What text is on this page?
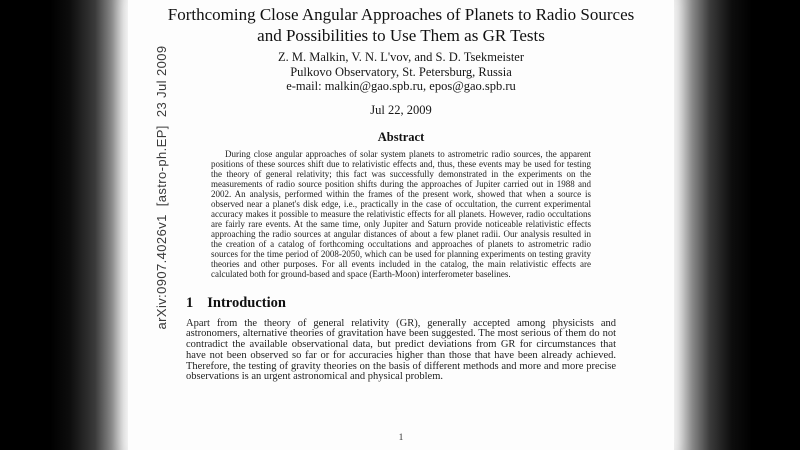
arXiv:0907.4026v1  [astro-ph.EP]  23 Jul 2009
Forthcoming Close Angular Approaches of Planets to Radio Sources and Possibilities to Use Them as GR Tests
Z. M. Malkin, V. N. L'vov, and S. D. Tsekmeister
Pulkovo Observatory, St. Petersburg, Russia
e-mail: malkin@gao.spb.ru, epos@gao.spb.ru
Jul 22, 2009
Abstract
During close angular approaches of solar system planets to astrometric radio sources, the apparent positions of these sources shift due to relativistic effects and, thus, these events may be used for testing the theory of general relativity; this fact was successfully demonstrated in the experiments on the measurements of radio source position shifts during the approaches of Jupiter carried out in 1988 and 2002. An analysis, performed within the frames of the present work, showed that when a source is observed near a planet's disk edge, i.e., practically in the case of occultation, the current experimental accuracy makes it possible to measure the relativistic effects for all planets. However, radio occultations are fairly rare events. At the same time, only Jupiter and Saturn provide noticeable relativistic effects approaching the radio sources at angular distances of about a few planet radii. Our analysis resulted in the creation of a catalog of forthcoming occultations and approaches of planets to astrometric radio sources for the time period of 2008-2050, which can be used for planning experiments on testing gravity theories and other purposes. For all events included in the catalog, the main relativistic effects are calculated both for ground-based and space (Earth-Moon) interferometer baselines.
1 Introduction
Apart from the theory of general relativity (GR), generally accepted among physicists and astronomers, alternative theories of gravitation have been suggested. The most serious of them do not contradict the available observational data, but predict deviations from GR for circumstances that have not been observed so far or for accuracies higher than those that have been already achieved. Therefore, the testing of gravity theories on the basis of different methods and more and more precise observations is an urgent astronomical and physical problem.
1
